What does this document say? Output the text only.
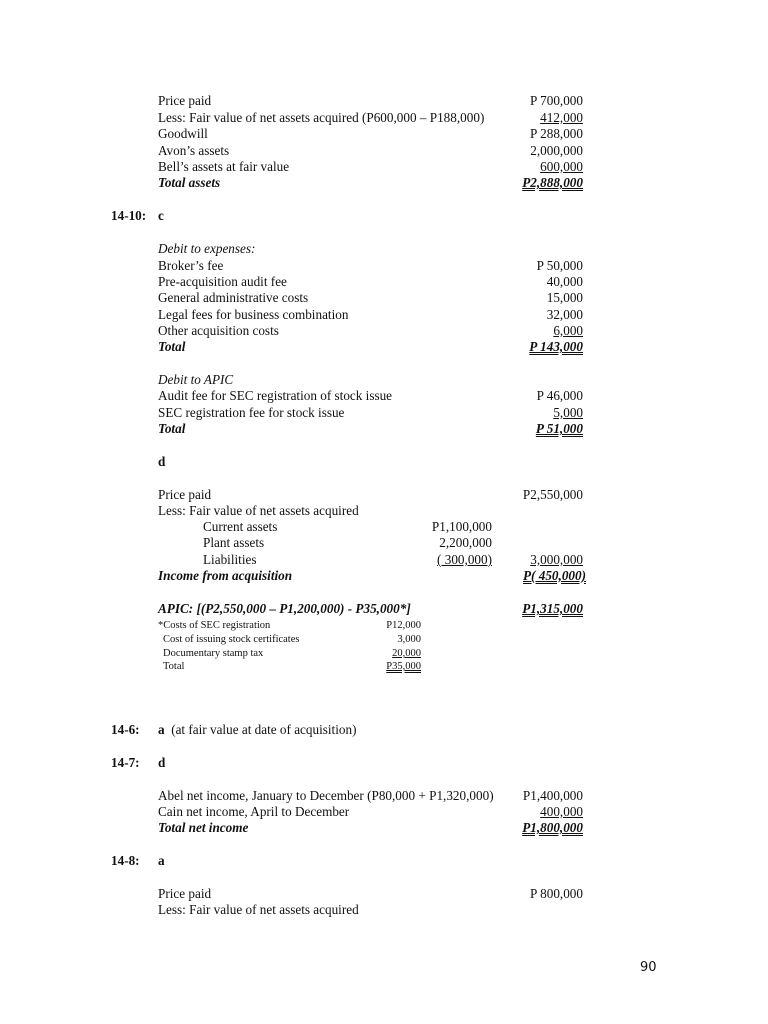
Price paid	P 700,000
Less: Fair value of net assets acquired (P600,000 – P188,000)	412,000
Goodwill	P 288,000
Avon’s assets	2,000,000
Bell’s assets at fair value	600,000
Total assets	P2,888,000
14-10: c
Debit to expenses:
Broker’s fee	P 50,000
Pre-acquisition audit fee	40,000
General administrative costs	15,000
Legal fees for business combination	32,000
Other acquisition costs	6,000
Total	P 143,000
Debit to APIC
Audit fee for SEC registration of stock issue	P 46,000
SEC registration fee for stock issue	5,000
Total	P 51,000
d
Price paid	P2,550,000
Less: Fair value of net assets acquired
Current assets	P1,100,000
Plant assets	2,200,000
Liabilities	( 300,000)	3,000,000
Income from acquisition	P( 450,000)
APIC: [(P2,550,000 – P1,200,000) - P35,000*]	P1,315,000
*Costs of SEC registration	P12,000
Cost of issuing stock certificates	3,000
Documentary stamp tax	20,000
Total	P35,000
14-6: a (at fair value at date of acquisition)
14-7: d
Abel net income, January to December (P80,000 + P1,320,000) P1,400,000
Cain net income, April to December	400,000
Total net income	P1,800,000
14-8: a
Price paid	P 800,000
Less: Fair value of net assets acquired
90
